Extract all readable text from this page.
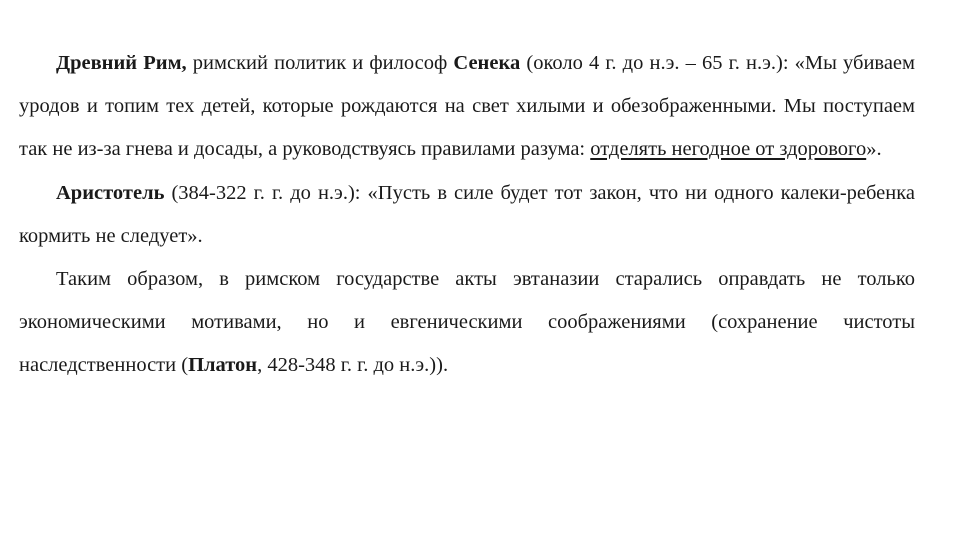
Древний Рим, римский политик и философ Сенека (около 4 г. до н.э. – 65 г. н.э.): «Мы убиваем уродов и топим тех детей, которые рождаются на свет хилыми и обезображенными. Мы поступаем так не из-за гнева и досады, а руководствуясь правилами разума: отделять негодное от здорового».

Аристотель (384-322 г. г. до н.э.): «Пусть в силе будет тот закон, что ни одного калеки-ребенка кормить не следует».

Таким образом, в римском государстве акты эвтаназии старались оправдать не только экономическими мотивами, но и евгеническими соображениями (сохранение чистоты наследственности (Платон, 428-348 г. г. до н.э.)).
